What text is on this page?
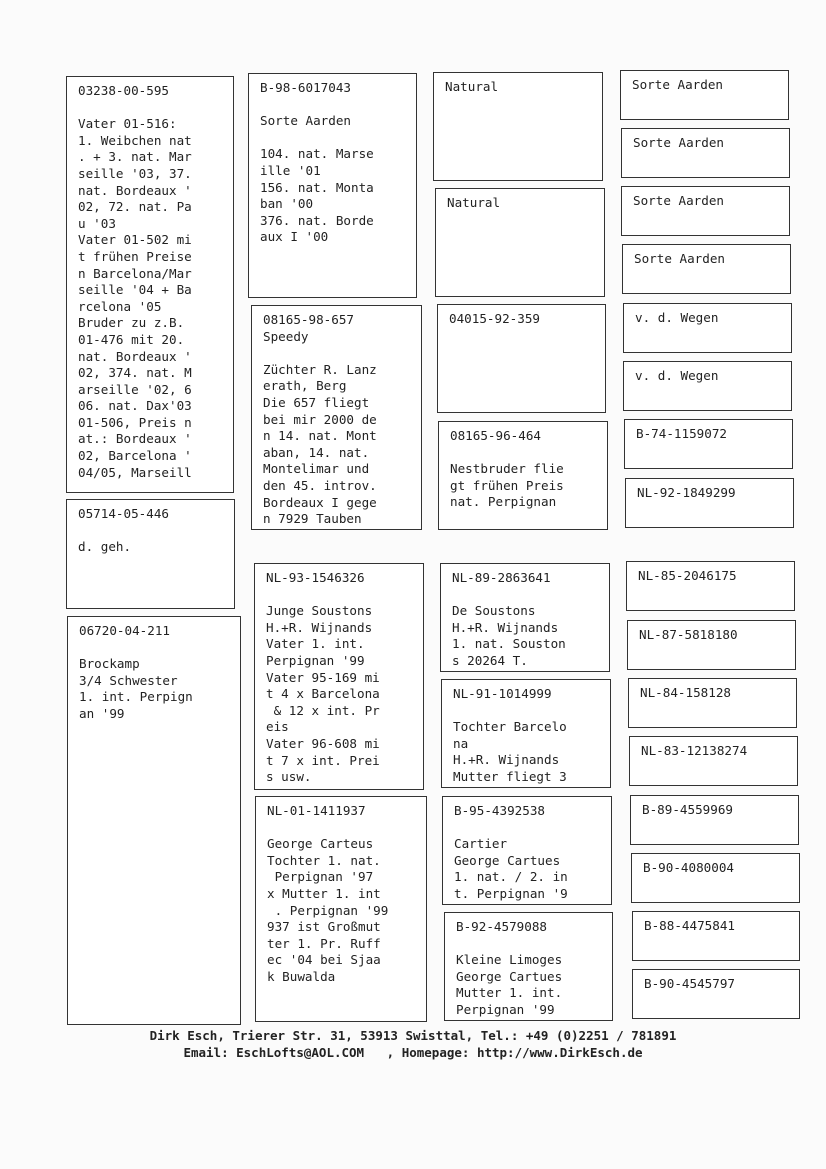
03238-00-595

Vater 01-516:
1. Weibchen nat
. + 3. nat. Mar
seille '03, 37.
nat. Bordeaux '
02, 72. nat. Pa
u '03
Vater 01-502 mi
t frühen Preise
n Barcelona/Mar
seille '04 + Ba
rcelona '05
Bruder zu z.B.
01-476 mit 20.
nat. Bordeaux '
02, 374. nat. M
arseille '02, 6
06. nat. Dax'03
01-506, Preis n
at.: Bordeaux '
02, Barcelona '
04/05, Marseill
05714-05-446

d. geh.
06720-04-211

Brockamp
3/4 Schwester
1. int. Perpign
an '99
B-98-6017043

Sorte Aarden

104. nat. Marse
ille '01
156. nat. Monta
ban '00
376. nat. Borde
aux I '00
08165-98-657
Speedy

Züchter R. Lanz
erath, Berg
Die 657 fliegt
bei mir 2000 de
n 14. nat. Mont
aban, 14. nat.
Montelimar und
den 45. introv.
Bordeaux I gege
n 7929 Tauben
NL-93-1546326

Junge Soustons
H.+R. Wijnands
Vater 1. int.
Perpignan '99
Vater 95-169 mi
t 4 x Barcelona
& 12 x int. Pr
eis
Vater 96-608 mi
t 7 x int. Prei
s usw.
NL-01-1411937

George Carteus
Tochter 1. nat.
Perpignan '97
x Mutter 1. int
. Perpignan '99
937 ist Großmut
ter 1. Pr. Ruff
ec '04 bei Sjaa
k Buwalda
Natural
Natural
04015-92-359
08165-96-464

Nestbruder flie
gt frühen Preis
nat. Perpignan
NL-89-2863641

De Soustons
H.+R. Wijnands
1. nat. Souston
s 20264 T.
NL-91-1014999

Tochter Barcelo
na
H.+R. Wijnands
Mutter fliegt 3
B-95-4392538

Cartier
George Cartues
1. nat. / 2. in
t. Perpignan '9
B-92-4579088

Kleine Limoges
George Cartues
Mutter 1. int.
Perpignan '99
Sorte Aarden
Sorte Aarden
Sorte Aarden
Sorte Aarden
v. d. Wegen
v. d. Wegen
B-74-1159072
NL-92-1849299
NL-85-2046175
NL-87-5818180
NL-84-158128
NL-83-12138274
B-89-4559969
B-90-4080004
B-88-4475841
B-90-4545797
Dirk Esch, Trierer Str. 31, 53913 Swisttal, Tel.: +49 (0)2251 / 781891
Email: EschLofts@AOL.COM   , Homepage: http://www.DirkEsch.de
